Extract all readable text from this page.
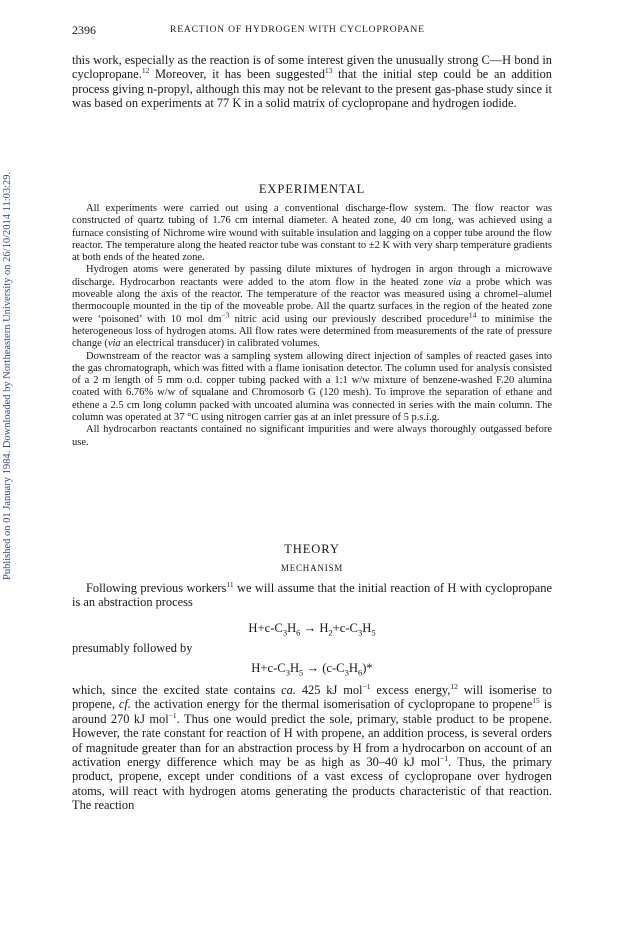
Published on 01 January 1984. Downloaded by Northeastern University on 26/10/2014 11:03:29.
2396	REACTION OF HYDROGEN WITH CYCLOPROPANE

this work, especially as the reaction is of some interest given the unusually strong C—H bond in cyclopropane.$^{12}$ Moreover, it has been suggested$^{13}$ that the initial step could be an addition process giving n-propyl, although this may not be relevant to the present gas-phase study since it was based on experiments at 77 K in a solid matrix of cyclopropane and hydrogen iodide.

EXPERIMENTAL

All experiments were carried out using a conventional discharge-flow system. The flow reactor was constructed of quartz tubing of 1.76 cm internal diameter. A heated zone, 40 cm long, was achieved using a furnace consisting of Nichrome wire wound with suitable insulation and lagging on a copper tube around the flow reactor. The temperature along the heated reactor tube was constant to ±2 K with very sharp temperature gradients at both ends of the heated zone.

Hydrogen atoms were generated by passing dilute mixtures of hydrogen in argon through a microwave discharge. Hydrocarbon reactants were added to the atom flow in the heated zone via a probe which was moveable along the axis of the reactor. The temperature of the reactor was measured using a chromel–alumel thermocouple mounted in the tip of the moveable probe. All the quartz surfaces in the region of the heated zone were ‘poisoned’ with 10 mol $dm^{-3}$ nitric acid using our previously described procedure$^{14}$ to minimise the heterogeneous loss of hydrogen atoms. All flow rates were determined from measurements of the rate of pressure change (via an electrical transducer) in calibrated volumes.

Downstream of the reactor was a sampling system allowing direct injection of samples of reacted gases into the gas chromatograph, which was fitted with a flame ionisation detector. The column used for analysis consisted of a 2 m length of 5 mm o.d. copper tubing packed with a 1:1 w/w mixture of benzene-washed F.20 alumina coated with 6.76% w/w of squalane and Chromosorb G (120 mesh). To improve the separation of ethane and ethene a 2.5 cm long column packed with uncoated alumina was connected in series with the main column. The column was operated at 37 °C using nitrogen carrier gas at an inlet pressure of 5 p.s.i.g.

All hydrocarbon reactants contained no significant impurities and were always thoroughly outgassed before use.

THEORY
MECHANISM

Following previous workers$^{11}$ we will assume that the initial reaction of H with cyclopropane is an abstraction process

$H+c-C_3H_6 \to H_2+c-C_3H_5$
presumably followed by
$H+c-C_3H_5 \to (c-C_3H_6)*$

which, since the excited state contains ca. 425 kJ mol$^{-1}$ excess energy,$^{12}$ will isomerise to propene, cf. the activation energy for the thermal isomerisation of cyclopropane to propene$^{15}$ is around 270 kJ mol$^{-1}$. Thus one would predict the sole, primary, stable product to be propene. However, the rate constant for reaction of H with propene, an addition process, is several orders of magnitude greater than for an abstraction process by H from a hydrocarbon on account of an activation energy difference which may be as high as 30–40 kJ mol$^{-1}$. Thus, the primary product, propene, except under conditions of a vast excess of cyclopropane over hydrogen atoms, will react with hydrogen atoms generating the products characteristic of that reaction. The reaction
